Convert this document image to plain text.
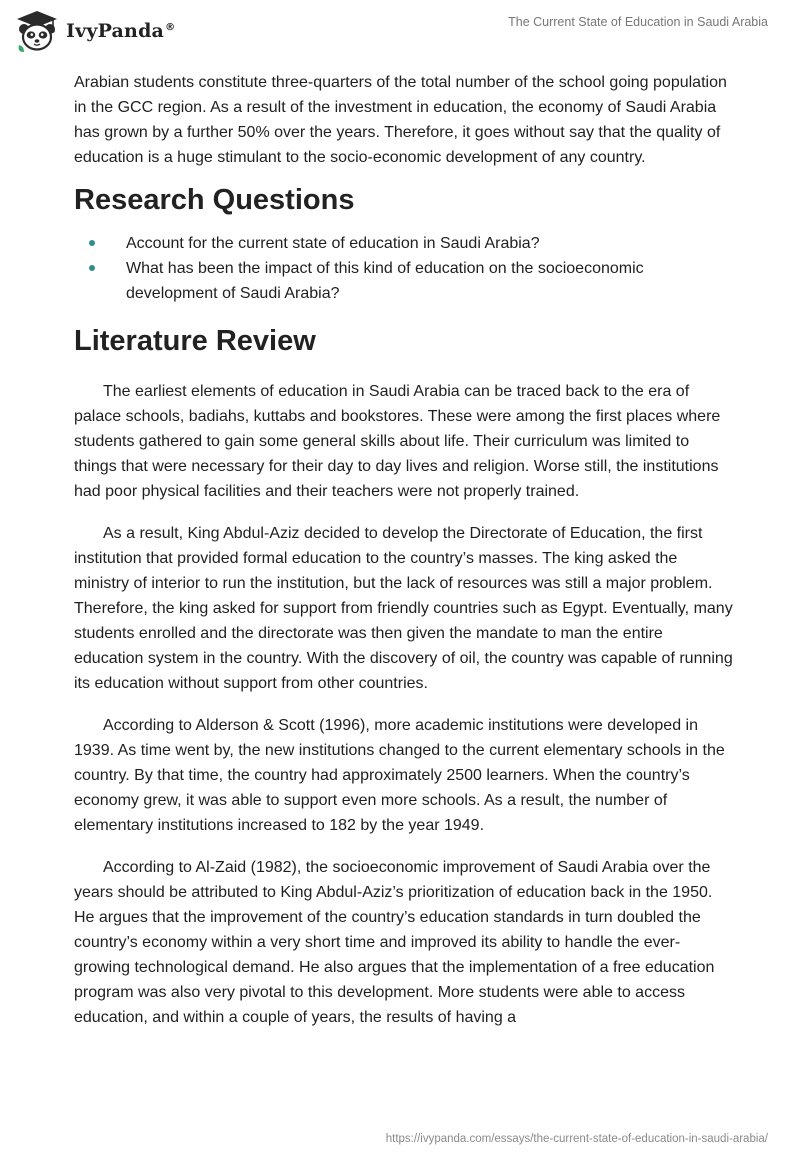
IvyPanda®	The Current State of Education in Saudi Arabia

Arabian students constitute three-quarters of the total number of the school going population in the GCC region. As a result of the investment in education, the economy of Saudi Arabia has grown by a further 50% over the years. Therefore, it goes without say that the quality of education is a huge stimulant to the socio-economic development of any country.

Research Questions
Account for the current state of education in Saudi Arabia?
What has been the impact of this kind of education on the socioeconomic development of Saudi Arabia?
Literature Review

The earliest elements of education in Saudi Arabia can be traced back to the era of palace schools, badiahs, kuttabs and bookstores. These were among the first places where students gathered to gain some general skills about life. Their curriculum was limited to things that were necessary for their day to day lives and religion. Worse still, the institutions had poor physical facilities and their teachers were not properly trained.

As a result, King Abdul-Aziz decided to develop the Directorate of Education, the first institution that provided formal education to the country’s masses. The king asked the ministry of interior to run the institution, but the lack of resources was still a major problem. Therefore, the king asked for support from friendly countries such as Egypt. Eventually, many students enrolled and the directorate was then given the mandate to man the entire education system in the country. With the discovery of oil, the country was capable of running its education without support from other countries.

According to Alderson & Scott (1996), more academic institutions were developed in 1939. As time went by, the new institutions changed to the current elementary schools in the country. By that time, the country had approximately 2500 learners. When the country’s economy grew, it was able to support even more schools. As a result, the number of elementary institutions increased to 182 by the year 1949.

According to Al-Zaid (1982), the socioeconomic improvement of Saudi Arabia over the years should be attributed to King Abdul-Aziz’s prioritization of education back in the 1950. He argues that the improvement of the country’s education standards in turn doubled the country’s economy within a very short time and improved its ability to handle the ever-growing technological demand. He also argues that the implementation of a free education program was also very pivotal to this development. More students were able to access education, and within a couple of years, the results of having a

https://ivypanda.com/essays/the-current-state-of-education-in-saudi-arabia/
